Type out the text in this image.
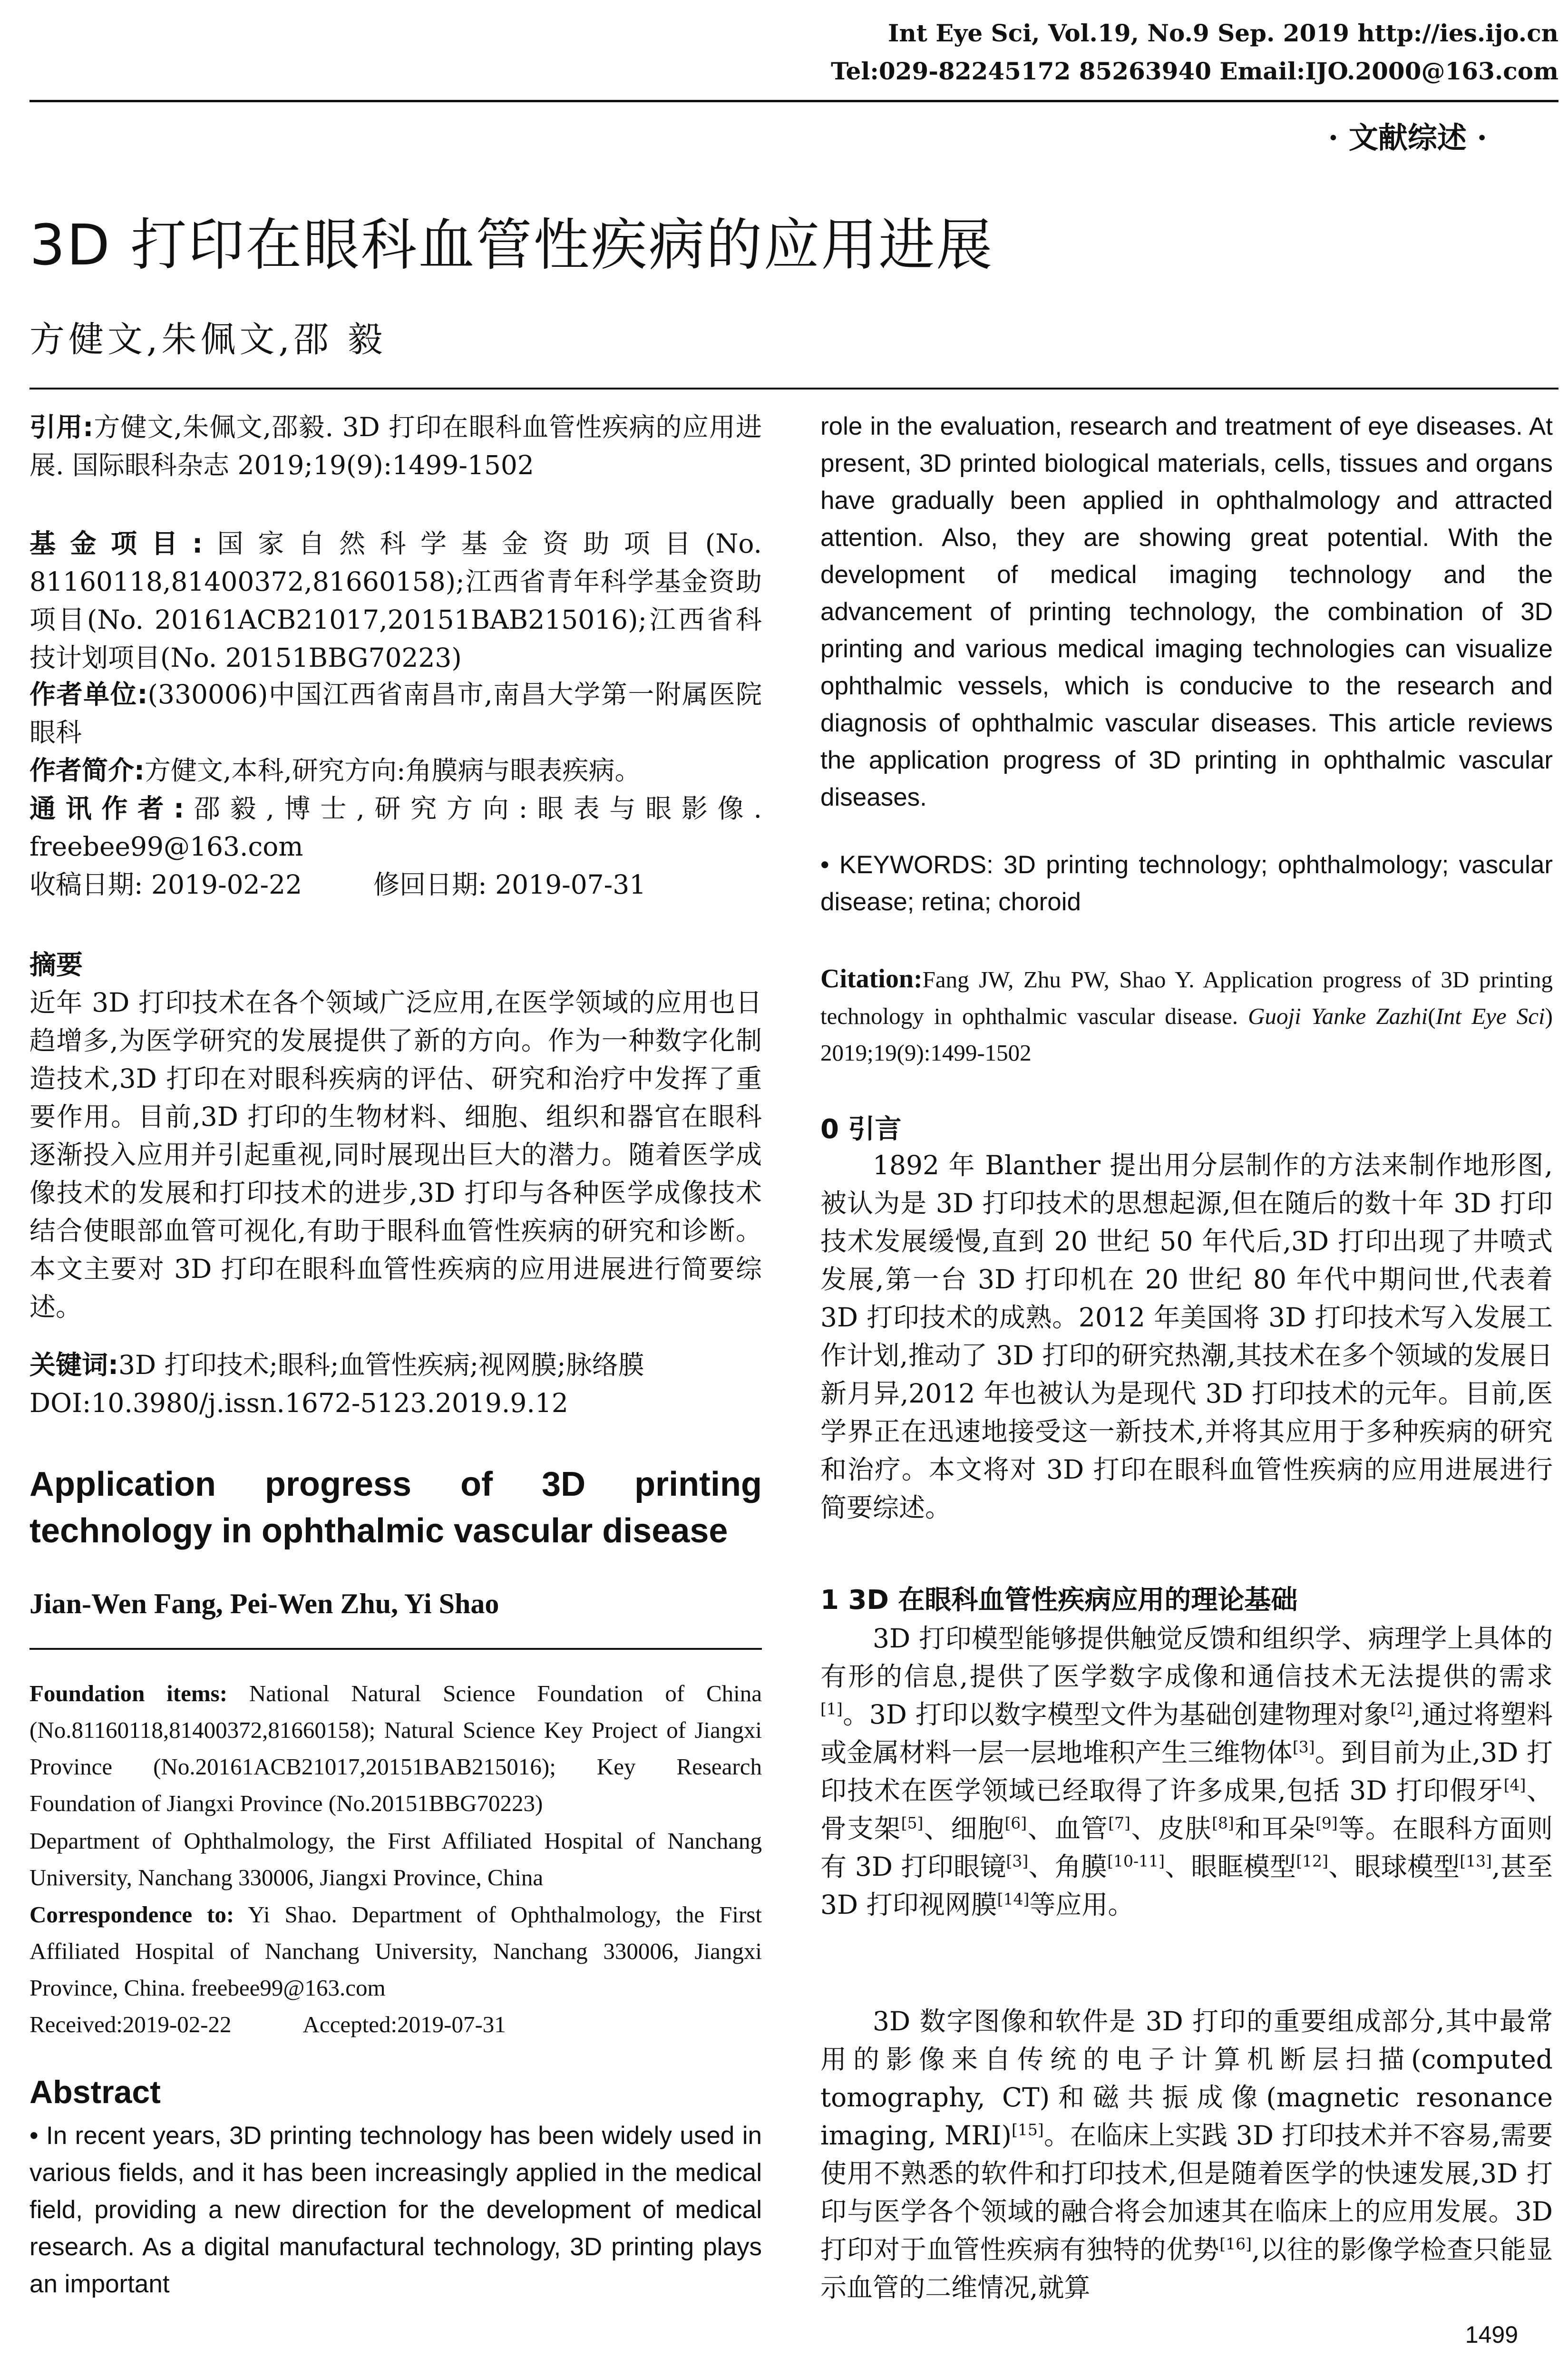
Int Eye Sci, Vol.19, No.9 Sep. 2019 http://ies.ijo.cn
Tel:029-82245172 85263940 Email:IJO.2000@163.com
· 文献综述 ·
3D 打印在眼科血管性疾病的应用进展
方健文,朱佩文,邵 毅
引用:方健文,朱佩文,邵毅. 3D 打印在眼科血管性疾病的应用进展. 国际眼科杂志 2019;19(9):1499-1502
基金项目:国家自然科学基金资助项目(No. 81160118,81400372,81660158);江西省青年科学基金资助项目(No. 20161ACB21017,20151BAB215016);江西省科技计划项目(No. 20151BBG70223)
作者单位:(330006)中国江西省南昌市,南昌大学第一附属医院眼科
作者简介:方健文,本科,研究方向:角膜病与眼表疾病。
通讯作者:邵毅,博士,研究方向:眼表与眼影像. freebee99@163.com
收稿日期: 2019-02-22	修回日期: 2019-07-31
摘要
近年 3D 打印技术在各个领域广泛应用,在医学领域的应用也日趋增多,为医学研究的发展提供了新的方向。作为一种数字化制造技术,3D 打印在对眼科疾病的评估、研究和治疗中发挥了重要作用。目前,3D 打印的生物材料、细胞、组织和器官在眼科逐渐投入应用并引起重视,同时展现出巨大的潜力。随着医学成像技术的发展和打印技术的进步,3D 打印与各种医学成像技术结合使眼部血管可视化,有助于眼科血管性疾病的研究和诊断。本文主要对 3D 打印在眼科血管性疾病的应用进展进行简要综述。
关键词:3D 打印技术;眼科;血管性疾病;视网膜;脉络膜
DOI:10.3980/j.issn.1672-5123.2019.9.12
Application progress of 3D printing technology in ophthalmic vascular disease
Jian-Wen Fang, Pei-Wen Zhu, Yi Shao
Foundation items: National Natural Science Foundation of China (No.81160118,81400372,81660158); Natural Science Key Project of Jiangxi Province (No.20161ACB21017,20151BAB215016); Key Research Foundation of Jiangxi Province (No.20151BBG70223)
Department of Ophthalmology, the First Affiliated Hospital of Nanchang University, Nanchang 330006, Jiangxi Province, China
Correspondence to: Yi Shao. Department of Ophthalmology, the First Affiliated Hospital of Nanchang University, Nanchang 330006, Jiangxi Province, China. freebee99@163.com
Received:2019-02-22	Accepted:2019-07-31
Abstract
• In recent years, 3D printing technology has been widely used in various fields, and it has been increasingly applied in the medical field, providing a new direction for the development of medical research. As a digital manufactural technology, 3D printing plays an important
role in the evaluation, research and treatment of eye diseases. At present, 3D printed biological materials, cells, tissues and organs have gradually been applied in ophthalmology and attracted attention. Also, they are showing great potential. With the development of medical imaging technology and the advancement of printing technology, the combination of 3D printing and various medical imaging technologies can visualize ophthalmic vessels, which is conducive to the research and diagnosis of ophthalmic vascular diseases. This article reviews the application progress of 3D printing in ophthalmic vascular diseases.
• KEYWORDS: 3D printing technology; ophthalmology; vascular disease; retina; choroid
Citation:Fang JW, Zhu PW, Shao Y. Application progress of 3D printing technology in ophthalmic vascular disease. Guoji Yanke Zazhi(Int Eye Sci) 2019;19(9):1499-1502
0 引言
1892 年 Blanther 提出用分层制作的方法来制作地形图,被认为是 3D 打印技术的思想起源,但在随后的数十年 3D 打印技术发展缓慢,直到 20 世纪 50 年代后,3D 打印出现了井喷式发展,第一台 3D 打印机在 20 世纪 80 年代中期问世,代表着 3D 打印技术的成熟。2012 年美国将 3D 打印技术写入发展工作计划,推动了 3D 打印的研究热潮,其技术在多个领域的发展日新月异,2012 年也被认为是现代 3D 打印技术的元年。目前,医学界正在迅速地接受这一新技术,并将其应用于多种疾病的研究和治疗。本文将对 3D 打印在眼科血管性疾病的应用进展进行简要综述。
1 3D 在眼科血管性疾病应用的理论基础
3D 打印模型能够提供触觉反馈和组织学、病理学上具体的有形的信息,提供了医学数字成像和通信技术无法提供的需求[1]。3D 打印以数字模型文件为基础创建物理对象[2],通过将塑料或金属材料一层一层地堆积产生三维物体[3]。到目前为止,3D 打印技术在医学领域已经取得了许多成果,包括 3D 打印假牙[4]、骨支架[5]、细胞[6]、血管[7]、皮肤[8]和耳朵[9]等。在眼科方面则有 3D 打印眼镜[3]、角膜[10-11]、眼眶模型[12]、眼球模型[13],甚至 3D 打印视网膜[14]等应用。
3D 数字图像和软件是 3D 打印的重要组成部分,其中最常用的影像来自传统的电子计算机断层扫描(computed tomography, CT)和磁共振成像(magnetic resonance imaging, MRI)[15]。在临床上实践 3D 打印技术并不容易,需要使用不熟悉的软件和打印技术,但是随着医学的快速发展,3D 打印与医学各个领域的融合将会加速其在临床上的应用发展。3D 打印对于血管性疾病有独特的优势[16],以往的影像学检查只能显示血管的二维情况,就算
1499
